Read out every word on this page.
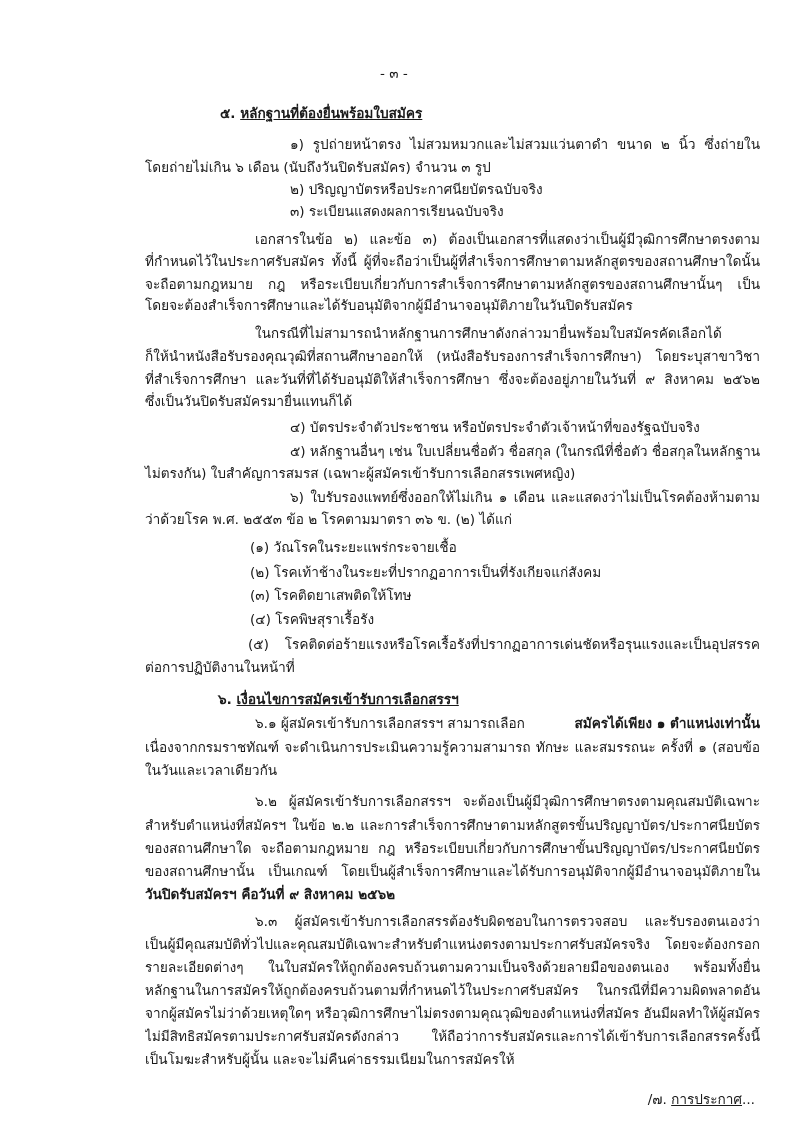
- ๓ -
๕. หลักฐานที่ต้องยื่นพร้อมใบสมัคร
๑) รูปถ่ายหน้าตรง ไม่สวมหมวกและไม่สวมแว่นตาดำ ขนาด ๒ นิ้ว ซึ่งถ่ายใน
โดยถ่ายไม่เกิน ๖ เดือน (นับถึงวันปิดรับสมัคร) จำนวน ๓ รูป
๒) ปริญญาบัตรหรือประกาศนียบัตรฉบับจริง
๓) ระเบียนแสดงผลการเรียนฉบับจริง
เอกสารในข้อ ๒) และข้อ ๓) ต้องเป็นเอกสารที่แสดงว่าเป็นผู้มีวุฒิการศึกษาตรงตาม
ที่กำหนดไว้ในประกาศรับสมัคร ทั้งนี้ ผู้ที่จะถือว่าเป็นผู้ที่สำเร็จการศึกษาตามหลักสูตรของสถานศึกษาใดนั้น
จะถือตามกฎหมาย กฎ หรือระเบียบเกี่ยวกับการสำเร็จการศึกษาตามหลักสูตรของสถานศึกษานั้นๆ เป็น
โดยจะต้องสำเร็จการศึกษาและได้รับอนุมัติจากผู้มีอำนาจอนุมัติภายในวันปิดรับสมัคร
ในกรณีที่ไม่สามารถนำหลักฐานการศึกษาดังกล่าวมายื่นพร้อมใบสมัครคัดเลือกได้
ก็ให้นำหนังสือรับรองคุณวุฒิที่สถานศึกษาออกให้ (หนังสือรับรองการสำเร็จการศึกษา) โดยระบุสาขาวิชา
ที่สำเร็จการศึกษา และวันที่ที่ได้รับอนุมัติให้สำเร็จการศึกษา ซึ่งจะต้องอยู่ภายในวันที่ ๙ สิงหาคม ๒๕๖๒
ซึ่งเป็นวันปิดรับสมัครมายื่นแทนก็ได้
๔) บัตรประจำตัวประชาชน หรือบัตรประจำตัวเจ้าหน้าที่ของรัฐฉบับจริง
๕) หลักฐานอื่นๆ เช่น ใบเปลี่ยนชื่อตัว ชื่อสกุล (ในกรณีที่ชื่อตัว ชื่อสกุลในหลักฐาน
ไม่ตรงกัน) ใบสำคัญการสมรส (เฉพาะผู้สมัครเข้ารับการเลือกสรรเพศหญิง)
๖) ใบรับรองแพทย์ซึ่งออกให้ไม่เกิน ๑ เดือน และแสดงว่าไม่เป็นโรคต้องห้ามตาม
ว่าด้วยโรค พ.ศ. ๒๕๕๓ ข้อ ๒ โรคตามมาตรา ๓๖ ข. (๒) ได้แก่
(๑) วัณโรคในระยะแพร่กระจายเชื้อ
(๒) โรคเท้าช้างในระยะที่ปรากฏอาการเป็นที่รังเกียจแก่สังคม
(๓) โรคติดยาเสพติดให้โทษ
(๔) โรคพิษสุราเรื้อรัง
(๕) โรคติดต่อร้ายแรงหรือโรคเรื้อรังที่ปรากฏอาการเด่นชัดหรือรุนแรงและเป็นอุปสรรค
ต่อการปฏิบัติงานในหน้าที่
๖. เงื่อนไขการสมัครเข้ารับการเลือกสรรฯ
๖.๑ ผู้สมัครเข้ารับการเลือกสรรฯ สามารถเลือก	สมัครได้เพียง ๑ ตำแหน่งเท่านั้น
เนื่องจากกรมราชทัณฑ์ จะดำเนินการประเมินความรู้ความสามารถ ทักษะ และสมรรถนะ ครั้งที่ ๑ (สอบข้อ
ในวันและเวลาเดียวกัน
๖.๒ ผู้สมัครเข้ารับการเลือกสรรฯ จะต้องเป็นผู้มีวุฒิการศึกษาตรงตามคุณสมบัติเฉพาะ
สำหรับตำแหน่งที่สมัครฯ ในข้อ ๒.๒ และการสำเร็จการศึกษาตามหลักสูตรขั้นปริญญาบัตร/ประกาศนียบัตร
ของสถานศึกษาใด จะถือตามกฎหมาย กฎ หรือระเบียบเกี่ยวกับการศึกษาขั้นปริญญาบัตร/ประกาศนียบัตร
ของสถานศึกษานั้น เป็นเกณฑ์ โดยเป็นผู้สำเร็จการศึกษาและได้รับการอนุมัติจากผู้มีอำนาจอนุมัติภายใน
วันปิดรับสมัครฯ คือวันที่ ๙ สิงหาคม ๒๕๖๒
๖.๓ ผู้สมัครเข้ารับการเลือกสรรต้องรับผิดชอบในการตรวจสอบ และรับรองตนเองว่า
เป็นผู้มีคุณสมบัติทั่วไปและคุณสมบัติเฉพาะสำหรับตำแหน่งตรงตามประกาศรับสมัครจริง โดยจะต้องกรอก
รายละเอียดต่างๆ ในใบสมัครให้ถูกต้องครบถ้วนตามความเป็นจริงด้วยลายมือของตนเอง พร้อมทั้งยื่น
หลักฐานในการสมัครให้ถูกต้องครบถ้วนตามที่กำหนดไว้ในประกาศรับสมัคร ในกรณีที่มีความผิดพลาดอัน
จากผู้สมัครไม่ว่าด้วยเหตุใดๆ หรือวุฒิการศึกษาไม่ตรงตามคุณวุฒิของตำแหน่งที่สมัคร อันมีผลทำให้ผู้สมัคร
ไม่มีสิทธิสมัครตามประกาศรับสมัครดังกล่าว ให้ถือว่าการรับสมัครและการได้เข้ารับการเลือกสรรครั้งนี้
เป็นโมฆะสำหรับผู้นั้น และจะไม่คืนค่าธรรมเนียมในการสมัครให้
/๗. การประกาศ...
